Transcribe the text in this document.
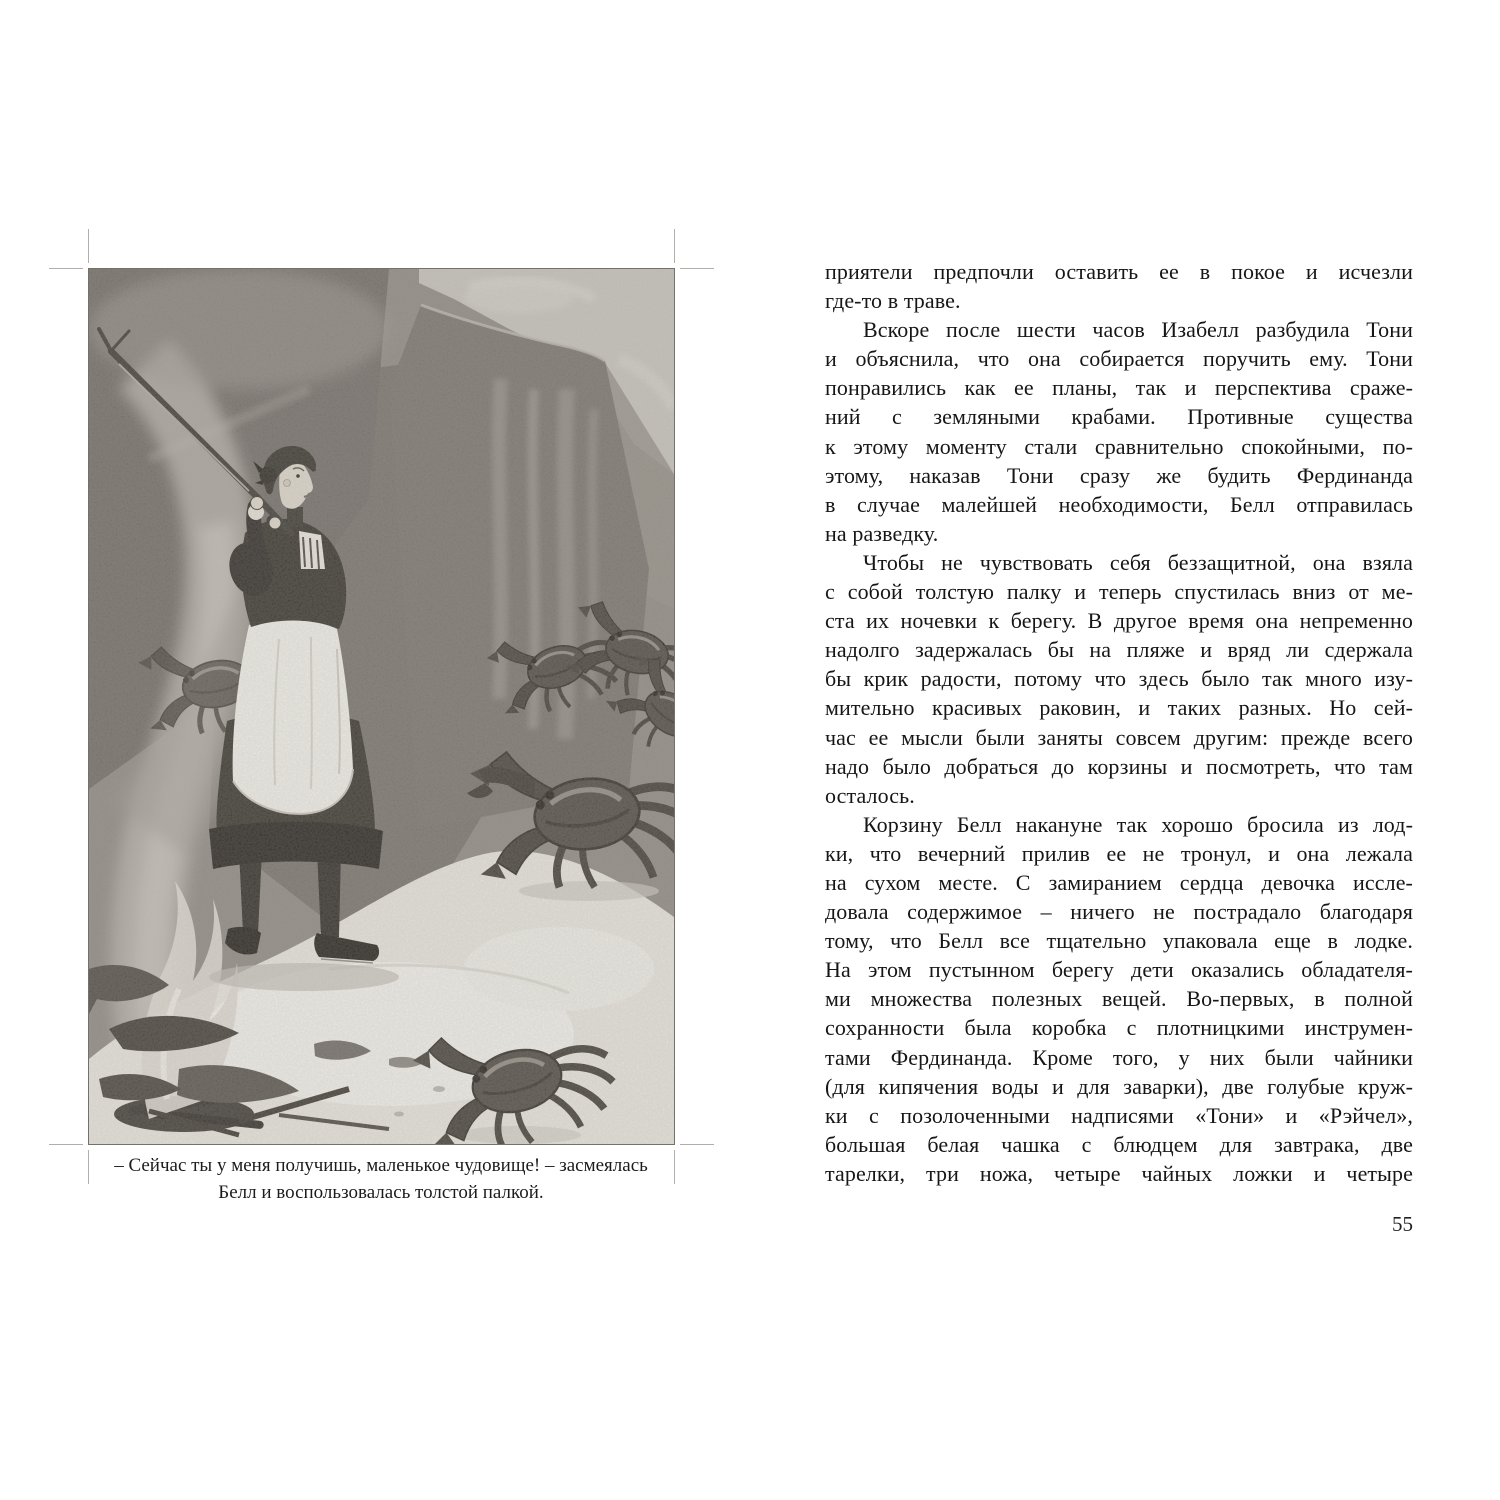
– Сейчас ты у меня получишь, маленькое чудовище! – засмеялась
Белл и воспользовалась толстой палкой.
приятели предпочли оставить ее в покое и исчезли
где-то в траве.
Вскоре после шести часов Изабелл разбудила Тони
и объяснила, что она собирается поручить ему. Тони
понравились как ее планы, так и перспектива сраже-
ний с земляными крабами. Противные существа
к этому моменту стали сравнительно спокойными, по-
этому, наказав Тони сразу же будить Фердинанда
в случае малейшей необходимости, Белл отправилась
на разведку.
Чтобы не чувствовать себя беззащитной, она взяла
с собой толстую палку и теперь спустилась вниз от ме-
ста их ночевки к берегу. В другое время она непременно
надолго задержалась бы на пляже и вряд ли сдержала
бы крик радости, потому что здесь было так много изу-
мительно красивых раковин, и таких разных. Но сей-
час ее мысли были заняты совсем другим: прежде всего
надо было добраться до корзины и посмотреть, что там
осталось.
Корзину Белл накануне так хорошо бросила из лод-
ки, что вечерний прилив ее не тронул, и она лежала
на сухом месте. С замиранием сердца девочка иссле-
довала содержимое – ничего не пострадало благодаря
тому, что Белл все тщательно упаковала еще в лодке.
На этом пустынном берегу дети оказались обладателя-
ми множества полезных вещей. Во-первых, в полной
сохранности была коробка с плотницкими инструмен-
тами Фердинанда. Кроме того, у них были чайники
(для кипячения воды и для заварки), две голубые круж-
ки с позолоченными надписями «Тони» и «Рэйчел»,
большая белая чашка с блюдцем для завтрака, две
тарелки, три ножа, четыре чайных ложки и четыре
55
